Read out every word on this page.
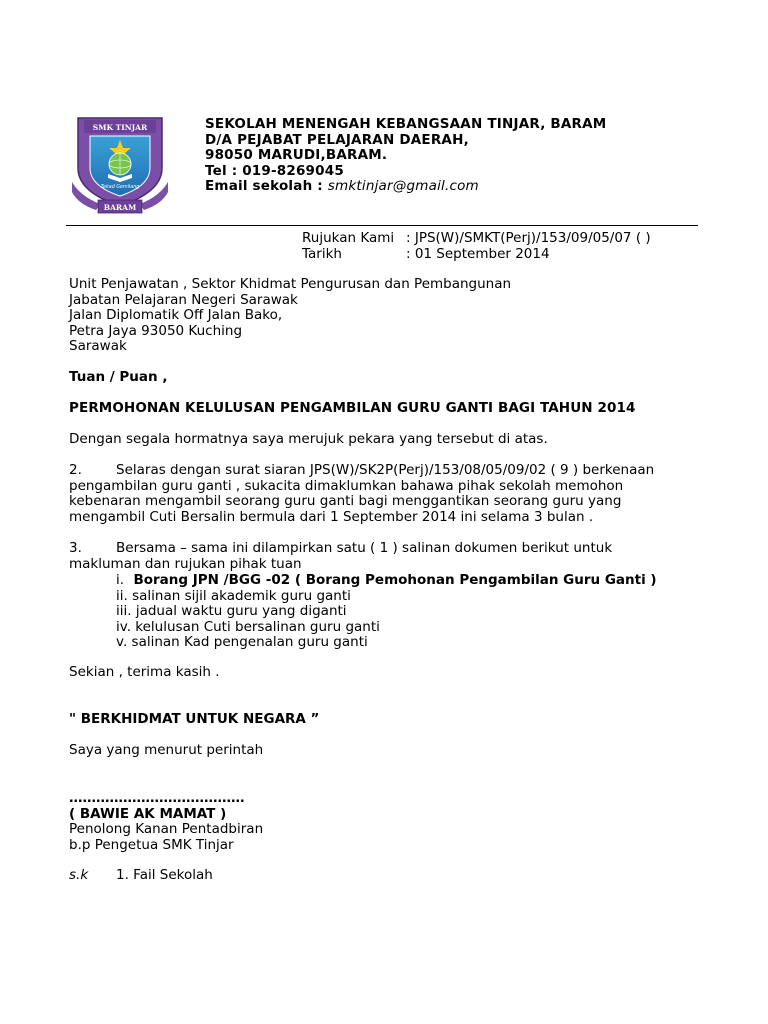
SMK TINJAR
Tekad Gemilang
BARAM
SEKOLAH MENENGAH KEBANGSAAN TINJAR, BARAM
D/A PEJABAT PELAJARAN DAERAH,
98050 MARUDI,BARAM.
Tel : 019-8269045
Email sekolah : smktinjar@gmail.com
Rujukan Kami : JPS(W)/SMKT(Perj)/153/09/05/07 ( )
Tarikh	: 01 September 2014
Unit Penjawatan , Sektor Khidmat Pengurusan dan Pembangunan
Jabatan Pelajaran Negeri Sarawak
Jalan Diplomatik Off Jalan Bako,
Petra Jaya 93050 Kuching
Sarawak
Tuan / Puan ,
PERMOHONAN KELULUSAN PENGAMBILAN GURU GANTI BAGI TAHUN 2014
Dengan segala hormatnya saya merujuk pekara yang tersebut di atas.
2.	Selaras dengan surat siaran JPS(W)/SK2P(Perj)/153/08/05/09/02 ( 9 ) berkenaan
pengambilan guru ganti , sukacita dimaklumkan bahawa pihak sekolah memohon
kebenaran mengambil seorang guru ganti bagi menggantikan seorang guru yang
mengambil Cuti Bersalin bermula dari 1 September 2014 ini selama 3 bulan .
3.	Bersama – sama ini dilampirkan satu ( 1 ) salinan dokumen berikut untuk
makluman dan rujukan pihak tuan
i. Borang JPN /BGG -02 ( Borang Pemohonan Pengambilan Guru Ganti )
ii. salinan sijil akademik guru ganti
iii. jadual waktu guru yang diganti
iv. kelulusan Cuti bersalinan guru ganti
v. salinan Kad pengenalan guru ganti
Sekian , terima kasih .
" BERKHIDMAT UNTUK NEGARA ”
Saya yang menurut perintah
…………………………………
( BAWIE AK MAMAT )
Penolong Kanan Pentadbiran
b.p Pengetua SMK Tinjar
s.k 1. Fail Sekolah
